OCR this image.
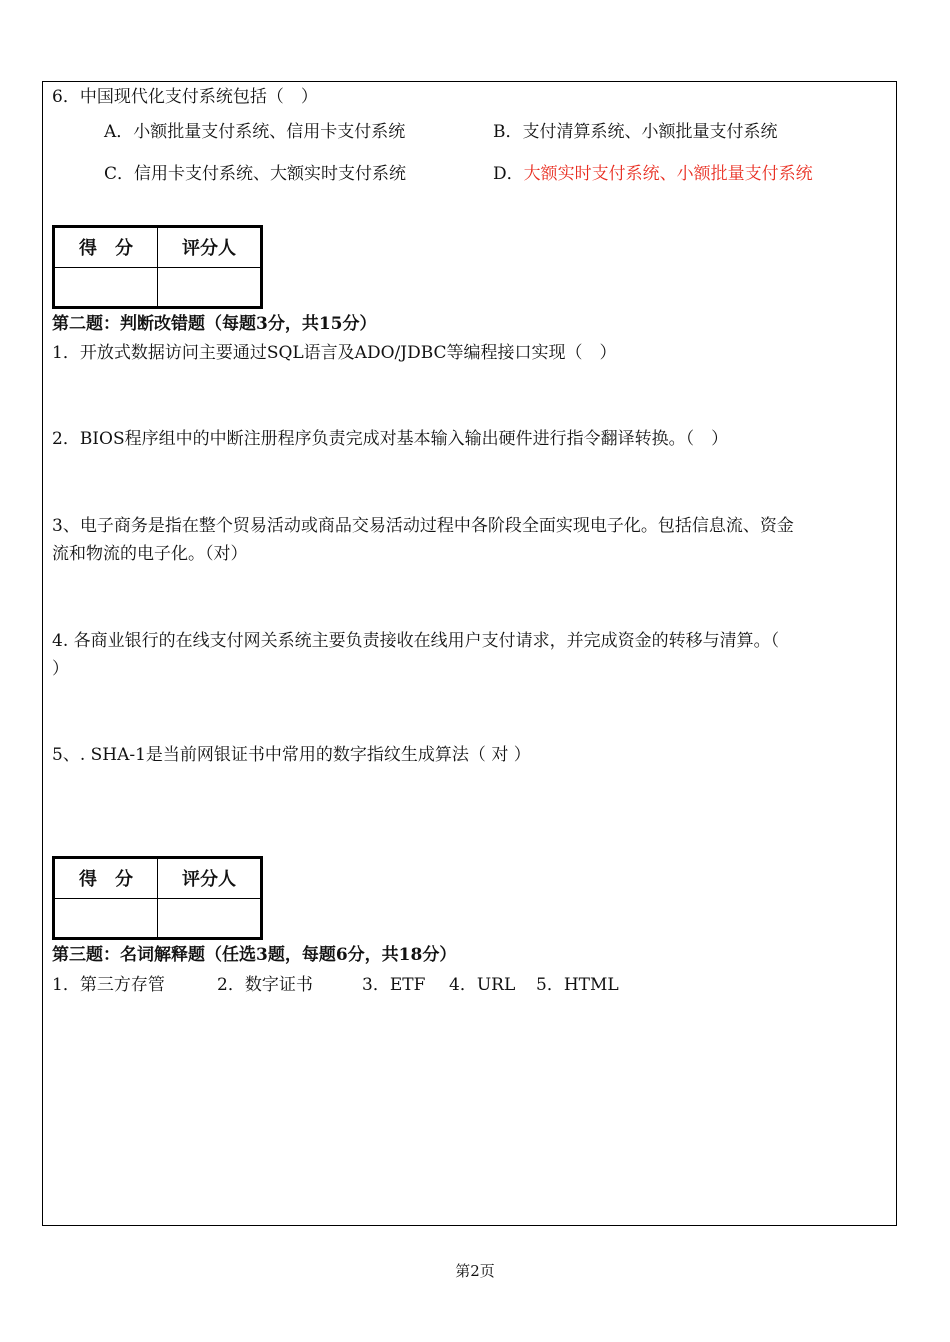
6．中国现代化支付系统包括（　）
A．小额批量支付系统、信用卡支付系统	B．支付清算系统、小额批量支付系统
C．信用卡支付系统、大额实时支付系统	D．大额实时支付系统、小额批量支付系统
得　分	评分人

第二题：判断改错题（每题3分，共15分）
1．开放式数据访问主要通过SQL语言及ADO/JDBC等编程接口实现（　）
2．BIOS程序组中的中断注册程序负责完成对基本输入输出硬件进行指令翻译转换。（　）
3、电子商务是指在整个贸易活动或商品交易活动过程中各阶段全面实现电子化。包括信息流、资金
流和物流的电子化。（对）
4. 各商业银行的在线支付网关系统主要负责接收在线用户支付请求，并完成资金的转移与清算。（
）
5、. SHA-1是当前网银证书中常用的数字指纹生成算法（ 对 ）
得　分	评分人

第三题：名词解释题（任选3题，每题6分，共18分）
1．第三方存管	2．数字证书	3．ETF 4．URL 5．HTML
第2页
